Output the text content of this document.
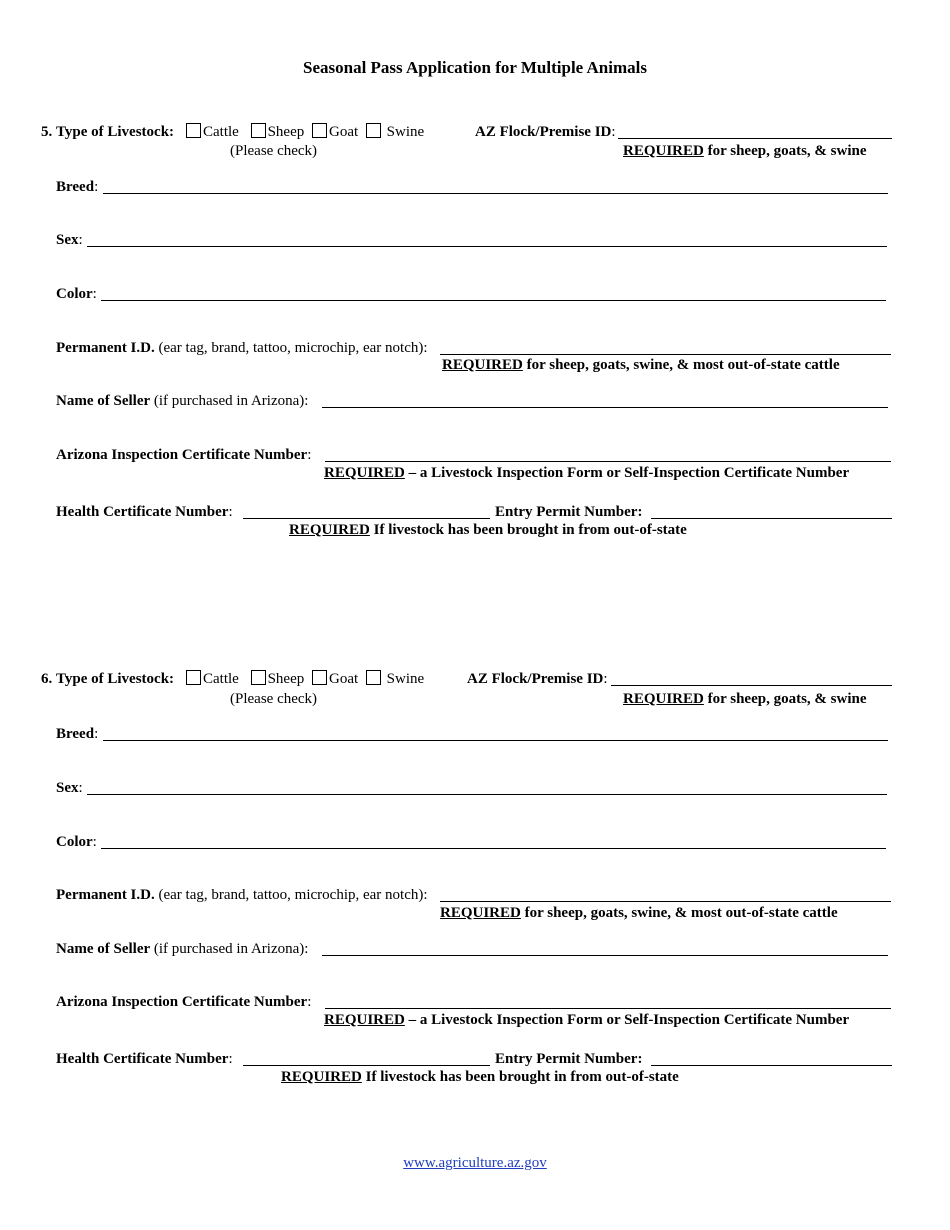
Seasonal Pass Application for Multiple Animals
5. Type of Livestock:	Cattle Sheep Goat Swine
(Please check)
AZ Flock/Premise ID:
REQUIRED for sheep, goats, & swine
Breed:
Sex:
Color:
Permanent I.D. (ear tag, brand, tattoo, microchip, ear notch):
REQUIRED for sheep, goats, swine, & most out-of-state cattle
Name of Seller (if purchased in Arizona):
Arizona Inspection Certificate Number:
REQUIRED – a Livestock Inspection Form or Self-Inspection Certificate Number
Health Certificate Number:	Entry Permit Number:
REQUIRED If livestock has been brought in from out-of-state
6. Type of Livestock:	Cattle Sheep Goat Swine
(Please check)
AZ Flock/Premise ID:
REQUIRED for sheep, goats, & swine
Breed:
Sex:
Color:
Permanent I.D. (ear tag, brand, tattoo, microchip, ear notch):
REQUIRED for sheep, goats, swine, & most out-of-state cattle
Name of Seller (if purchased in Arizona):
Arizona Inspection Certificate Number:
REQUIRED – a Livestock Inspection Form or Self-Inspection Certificate Number
Health Certificate Number:	Entry Permit Number:
REQUIRED If livestock has been brought in from out-of-state
www.agriculture.az.gov
